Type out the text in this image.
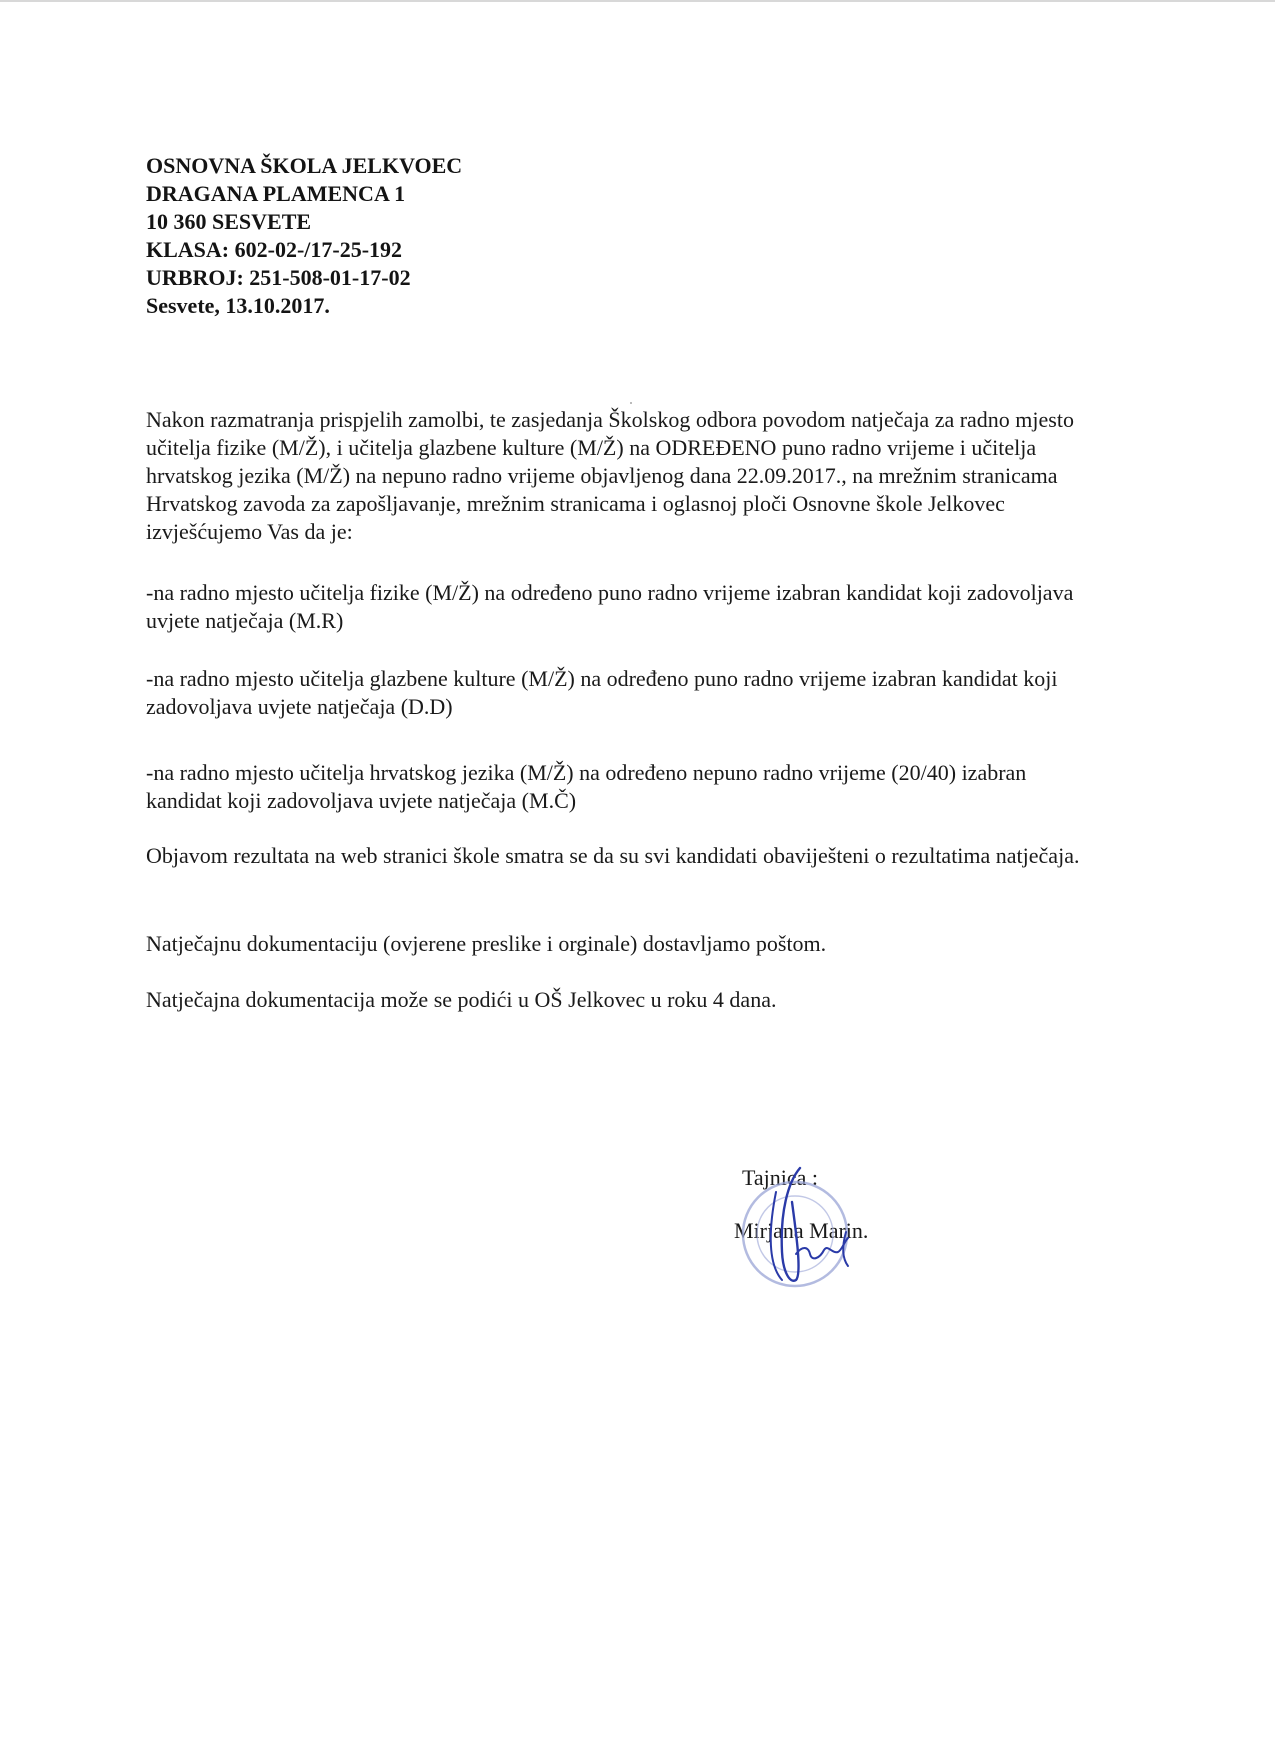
OSNOVNA ŠKOLA JELKVOEC
DRAGANA PLAMENCA 1
10 360 SESVETE
KLASA: 602-02-/17-25-192
URBROJ: 251-508-01-17-02
Sesvete, 13.10.2017.

Nakon razmatranja prispjelih zamolbi, te zasjedanja Školskog odbora povodom natječaja za radno mjesto učitelja fizike (M/Ž), i učitelja glazbene kulture (M/Ž) na ODREĐENO puno radno vrijeme i učitelja hrvatskog jezika (M/Ž) na nepuno radno vrijeme objavljenog dana 22.09.2017., na mrežnim stranicama Hrvatskog zavoda za zapošljavanje, mrežnim stranicama i oglasnoj ploči Osnovne škole Jelkovec izvješćujemo Vas da je:

-na radno mjesto učitelja fizike (M/Ž) na određeno puno radno vrijeme izabran kandidat koji zadovoljava uvjete natječaja (M.R)

-na radno mjesto učitelja glazbene kulture (M/Ž) na određeno puno radno vrijeme izabran kandidat koji zadovoljava uvjete natječaja (D.D)

-na radno mjesto učitelja hrvatskog jezika (M/Ž) na određeno nepuno radno vrijeme (20/40) izabran kandidat koji zadovoljava uvjete natječaja (M.Č)

Objavom rezultata na web stranici škole smatra se da su svi kandidati obaviješteni o rezultatima natječaja.

Natječajnu dokumentaciju (ovjerene preslike i orginale) dostavljamo poštom.

Natječajna dokumentacija može se podići u OŠ Jelkovec u roku 4 dana.

Tajnica :
Mirjana Marin.
